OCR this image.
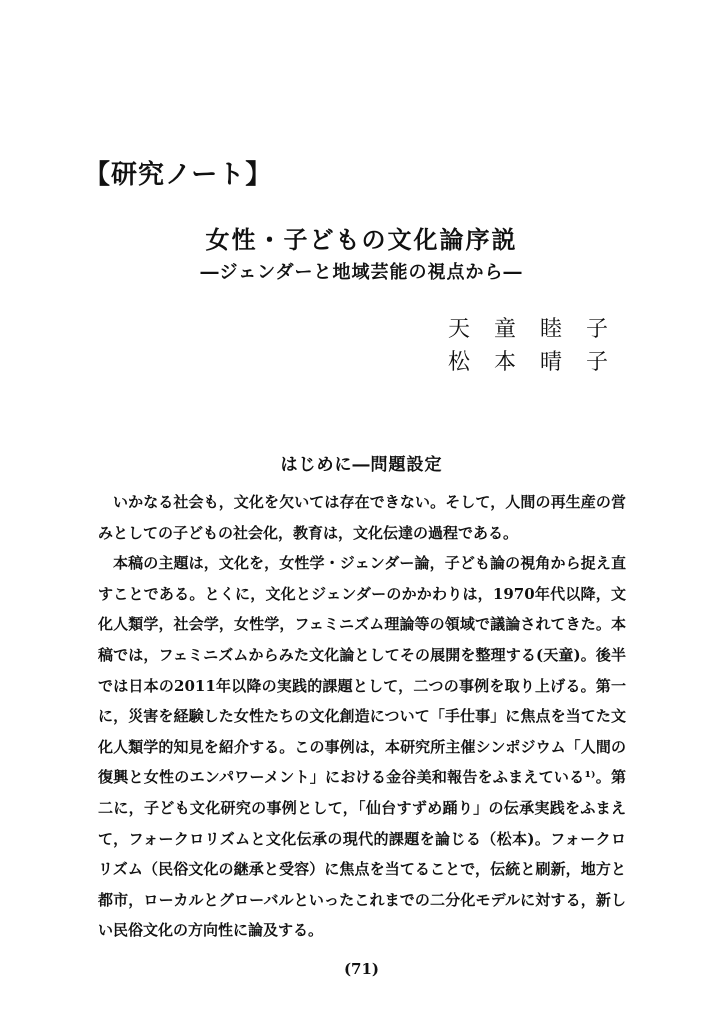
【研究ノート】
女性・子どもの文化論序説
―ジェンダーと地域芸能の視点から―
天 童 睦 子
松 本 晴 子
はじめに―問題設定

いかなる社会も，文化を欠いては存在できない。そして，人間の再生産の営みとしての子どもの社会化，教育は，文化伝達の過程である。

本稿の主題は，文化を，女性学・ジェンダー論，子ども論の視角から捉え直すことである。とくに，文化とジェンダーのかかわりは，1970年代以降，文化人類学，社会学，女性学，フェミニズム理論等の領域で議論されてきた。本稿では，フェミニズムからみた文化論としてその展開を整理する(天童)。後半では日本の2011年以降の実践的課題として，二つの事例を取り上げる。第一に，災害を経験した女性たちの文化創造について「手仕事」に焦点を当てた文化人類学的知見を紹介する。この事例は，本研究所主催シンポジウム「人間の復興と女性のエンパワーメント」における金谷美和報告をふまえている¹⁾。第二に，子ども文化研究の事例として，「仙台すずめ踊り」の伝承実践をふまえて，フォークロリズムと文化伝承の現代的課題を論じる（松本)。フォークロリズム（民俗文化の継承と受容）に焦点を当てることで，伝統と刷新，地方と都市，ローカルとグローバルといったこれまでの二分化モデルに対する，新しい民俗文化の方向性に論及する。

(71)
